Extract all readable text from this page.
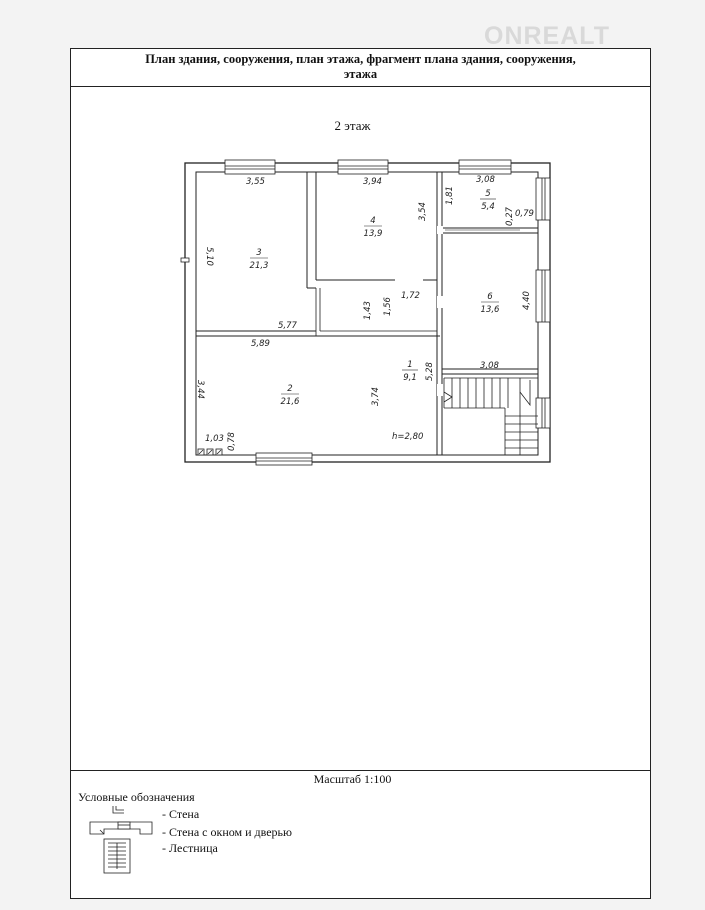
План здания, сооружения, план этажа, фрагмент плана здания, сооружения,
этажа
ONREALT
2 этаж
3,55	3,94	3,08
5,10
3,54
1,81
0,27 0,79
4,40
1,72
1,43 1,56
5,77
5,89
5,28	3,08
3,44	3,74
1,03 0,78	h=2,80
3
21,3
4
13,9
5
5,4
6
13,6
1
9,1
2
21,6
Масштаб 1:100
Условные обозначения
- Стена
- Стена с окном и дверью
- Лестница
